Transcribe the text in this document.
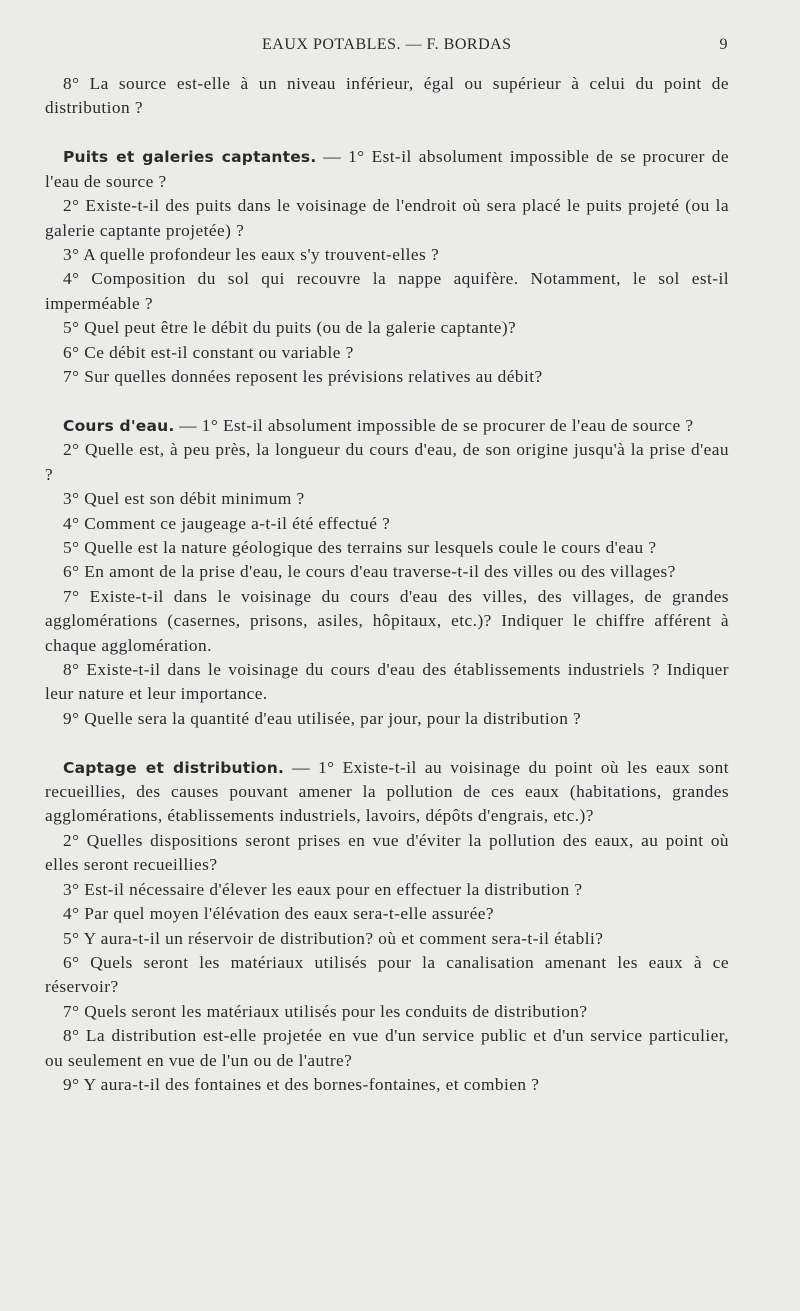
EAUX POTABLES. — F. BORDAS	9

8° La source est-elle à un niveau inférieur, égal ou supérieur à celui du point de distribution ?

Puits et galeries captantes. — 1° Est-il absolument impossible de se procurer de l'eau de source ?

2° Existe-t-il des puits dans le voisinage de l'endroit où sera placé le puits projeté (ou la galerie captante projetée) ?

3° A quelle profondeur les eaux s'y trouvent-elles ?

4° Composition du sol qui recouvre la nappe aquifère. Notamment, le sol est-il imperméable ?

5° Quel peut être le débit du puits (ou de la galerie captante)?

6° Ce débit est-il constant ou variable ?

7° Sur quelles données reposent les prévisions relatives au débit?

Cours d'eau. — 1° Est-il absolument impossible de se procurer de l'eau de source ?

2° Quelle est, à peu près, la longueur du cours d'eau, de son origine jusqu'à la prise d'eau ?

3° Quel est son débit minimum ?

4° Comment ce jaugeage a-t-il été effectué ?

5° Quelle est la nature géologique des terrains sur lesquels coule le cours d'eau ?

6° En amont de la prise d'eau, le cours d'eau traverse-t-il des villes ou des villages?

7° Existe-t-il dans le voisinage du cours d'eau des villes, des villages, de grandes agglomérations (casernes, prisons, asiles, hôpitaux, etc.)? Indiquer le chiffre afférent à chaque agglomération.

8° Existe-t-il dans le voisinage du cours d'eau des établissements industriels ? Indiquer leur nature et leur importance.

9° Quelle sera la quantité d'eau utilisée, par jour, pour la distribution ?

Captage et distribution. — 1° Existe-t-il au voisinage du point où les eaux sont recueillies, des causes pouvant amener la pollution de ces eaux (habitations, grandes agglomérations, établissements industriels, lavoirs, dépôts d'engrais, etc.)?

2° Quelles dispositions seront prises en vue d'éviter la pollution des eaux, au point où elles seront recueillies?

3° Est-il nécessaire d'élever les eaux pour en effectuer la distribution ?

4° Par quel moyen l'élévation des eaux sera-t-elle assurée?

5° Y aura-t-il un réservoir de distribution? où et comment sera-t-il établi?

6° Quels seront les matériaux utilisés pour la canalisation amenant les eaux à ce réservoir?

7° Quels seront les matériaux utilisés pour les conduits de distribution?

8° La distribution est-elle projetée en vue d'un service public et d'un service particulier, ou seulement en vue de l'un ou de l'autre?

9° Y aura-t-il des fontaines et des bornes-fontaines, et combien ?
